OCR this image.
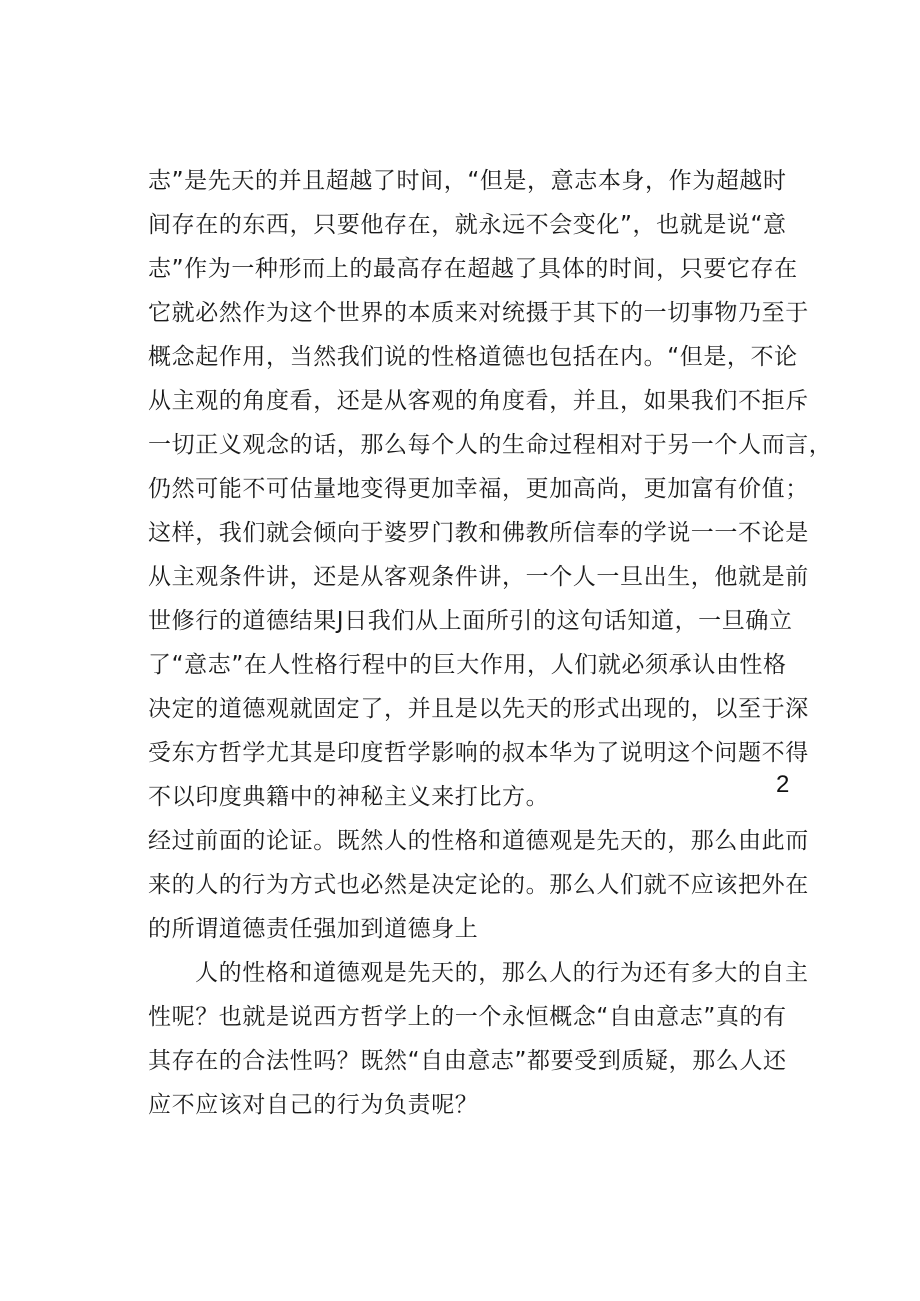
志”是先天的并且超越了时间，“但是，意志本身，作为超越时
间存在的东西，只要他存在，就永远不会变化”，也就是说“意
志”作为一种形而上的最高存在超越了具体的时间，只要它存在
它就必然作为这个世界的本质来对统摄于其下的一切事物乃至于
概念起作用，当然我们说的性格道德也包括在内。“但是，不论
从主观的角度看，还是从客观的角度看，并且，如果我们不拒斥
一切正义观念的话，那么每个人的生命过程相对于另一个人而言，
仍然可能不可估量地变得更加幸福，更加高尚，更加富有价值；
这样，我们就会倾向于婆罗门教和佛教所信奉的学说一一不论是
从主观条件讲，还是从客观条件讲，一个人一旦出生，他就是前
世修行的道德结果J日我们从上面所引的这句话知道，一旦确立
了“意志”在人性格行程中的巨大作用，人们就必须承认由性格
决定的道德观就固定了，并且是以先天的形式出现的，以至于深
受东方哲学尤其是印度哲学影响的叔本华为了说明这个问题不得
不以印度典籍中的神秘主义来打比方。	2
经过前面的论证。既然人的性格和道德观是先天的，那么由此而
来的人的行为方式也必然是决定论的。那么人们就不应该把外在
的所谓道德责任强加到道德身上
人的性格和道德观是先天的，那么人的行为还有多大的自主
性呢？也就是说西方哲学上的一个永恒概念“自由意志”真的有
其存在的合法性吗？既然“自由意志”都要受到质疑，那么人还
应不应该对自己的行为负责呢？
